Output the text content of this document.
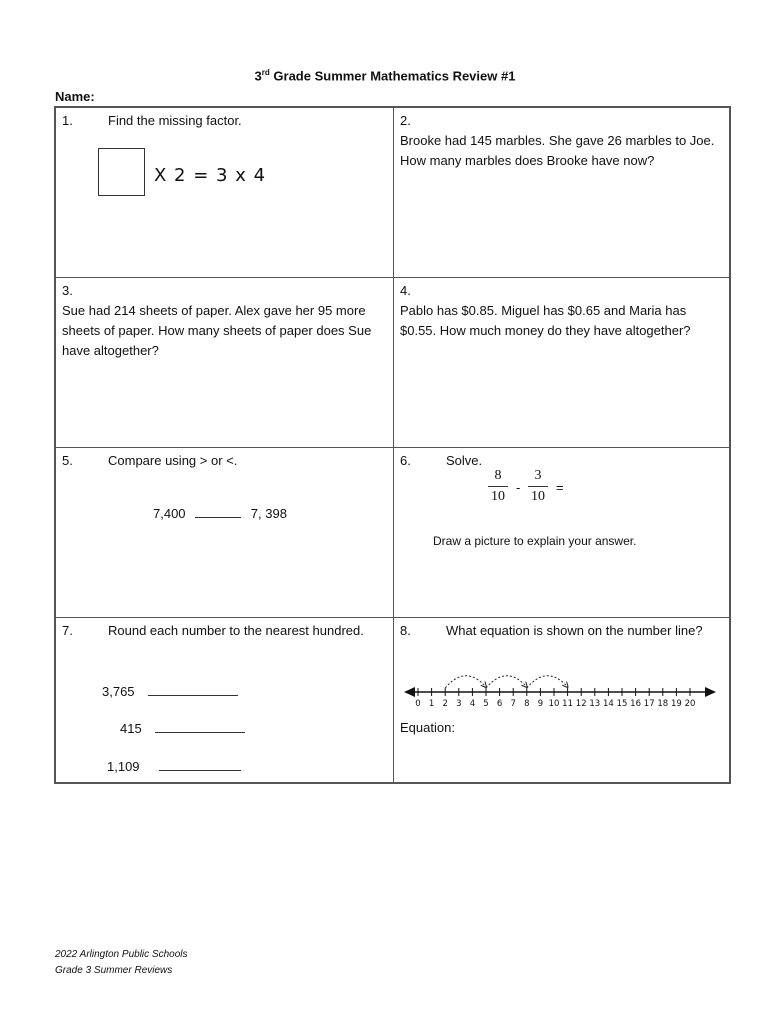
3rd Grade Summer Mathematics Review #1
Name:
1.	Find the missing factor.
X 2 = 3 x 4
2.
Brooke had 145 marbles. She gave 26 marbles to Joe. How many marbles does Brooke have now?
3.
Sue had 214 sheets of paper. Alex gave her 95 more sheets of paper. How many sheets of paper does Sue have altogether?
4.
Pablo has $0.85. Miguel has $0.65 and Maria has $0.55. How much money do they have altogether?
5.	Compare using > or <.
7,400	7, 398
6.	Solve.
$\frac{8}{10} - \frac{3}{10}$ =
Draw a picture to explain your answer.
7.	Round each number to the nearest hundred.
3,765
415
1,109
8.	What equation is shown on the number line?
0 1 2 3 4 5 6 7 8 9 10 11 12 13 14 15 16 17 18 19 20
Equation:
2022 Arlington Public Schools
Grade 3 Summer Reviews
